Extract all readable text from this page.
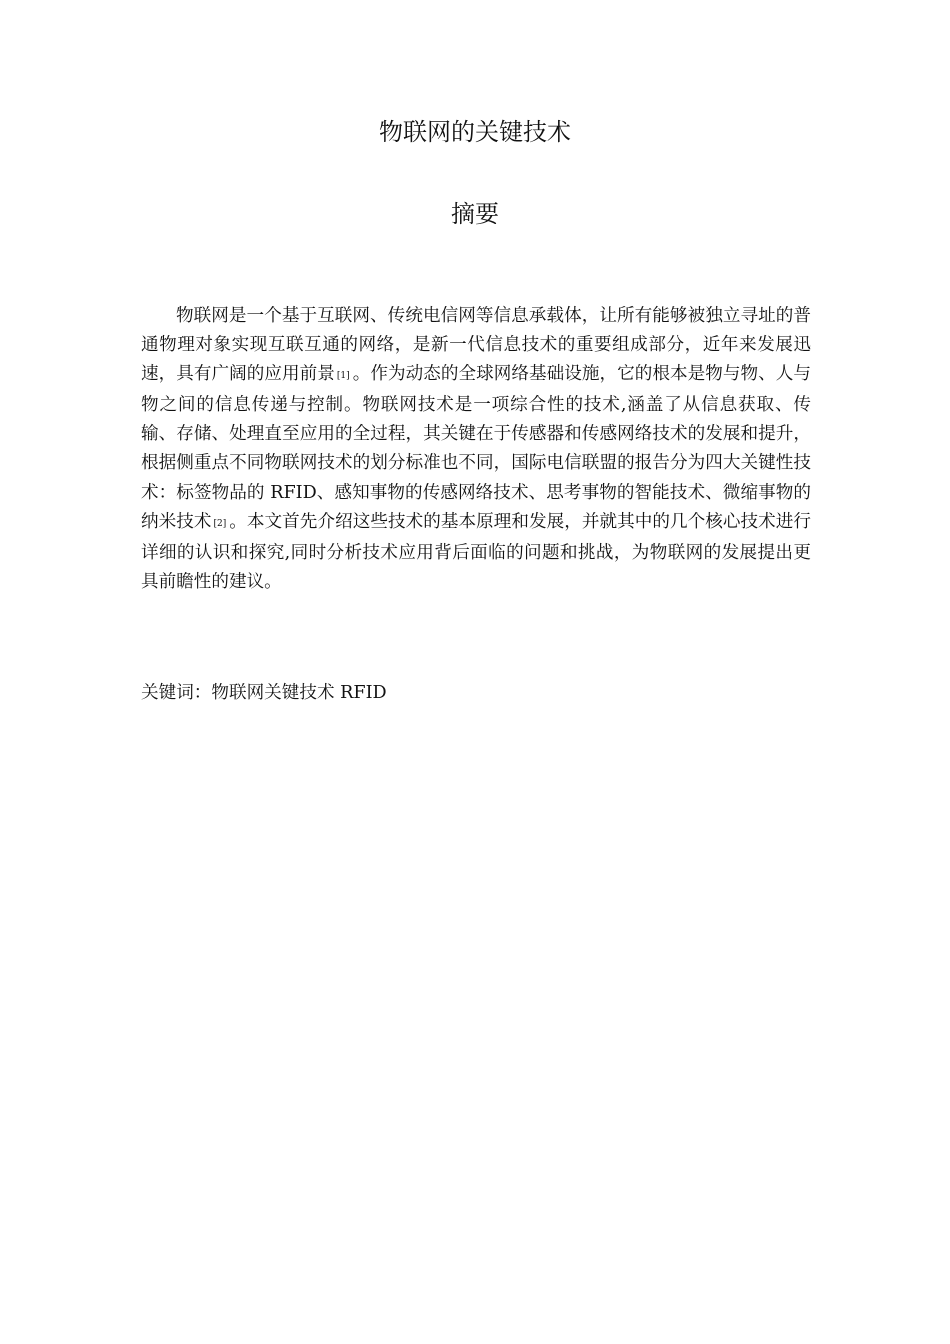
物联网的关键技术
摘要

物联网是一个基于互联网、传统电信网等信息承载体，让所有能够被独立寻址的普通物理对象实现互联互通的网络，是新一代信息技术的重要组成部分，近年来发展迅速，具有广阔的应用前景 [1] 。作为动态的全球网络基础设施，它的根本是物与物、人与物之间的信息传递与控制。物联网技术是一项综合性的技术,涵盖了从信息获取、传输、存储、处理直至应用的全过程，其关键在于传感器和传感网络技术的发展和提升，根据侧重点不同物联网技术的划分标准也不同，国际电信联盟的报告分为四大关键性技术：标签物品的 RFID、感知事物的传感网络技术、思考事物的智能技术、微缩事物的纳米技术 [2] 。本文首先介绍这些技术的基本原理和发展，并就其中的几个核心技术进行详细的认识和探究,同时分析技术应用背后面临的问题和挑战，为物联网的发展提出更具前瞻性的建议。

关键词：物联网关键技术 RFID
